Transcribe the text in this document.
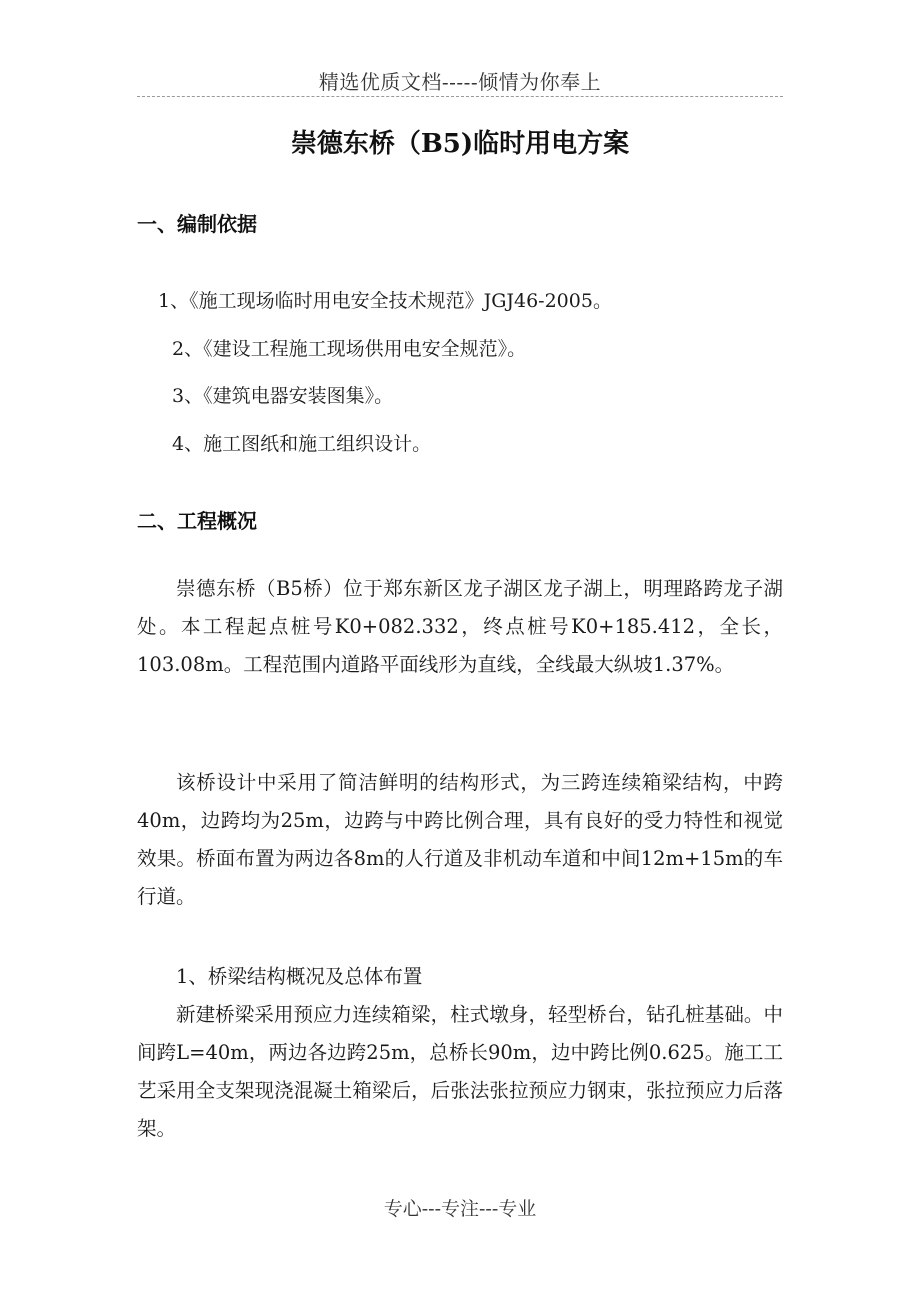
精选优质文档-----倾情为你奉上
崇德东桥（B5)临时用电方案
一、编制依据
1、《施工现场临时用电安全技术规范》JGJ46-2005。
2、《建设工程施工现场供用电安全规范》。
3、《建筑电器安装图集》。
4、施工图纸和施工组织设计。
二、工程概况
崇德东桥（B5桥）位于郑东新区龙子湖区龙子湖上，明理路跨龙子湖处。本工程起点桩号K0+082.332，终点桩号K0+185.412，全长，103.08m。工程范围内道路平面线形为直线，全线最大纵坡1.37%。
该桥设计中采用了简洁鲜明的结构形式，为三跨连续箱梁结构，中跨40m，边跨均为25m，边跨与中跨比例合理，具有良好的受力特性和视觉效果。桥面布置为两边各8m的人行道及非机动车道和中间12m+15m的车行道。
1、桥梁结构概况及总体布置
新建桥梁采用预应力连续箱梁，柱式墩身，轻型桥台，钻孔桩基础。中间跨L=40m，两边各边跨25m，总桥长90m，边中跨比例0.625。施工工艺采用全支架现浇混凝土箱梁后，后张法张拉预应力钢束，张拉预应力后落架。
专心---专注---专业
